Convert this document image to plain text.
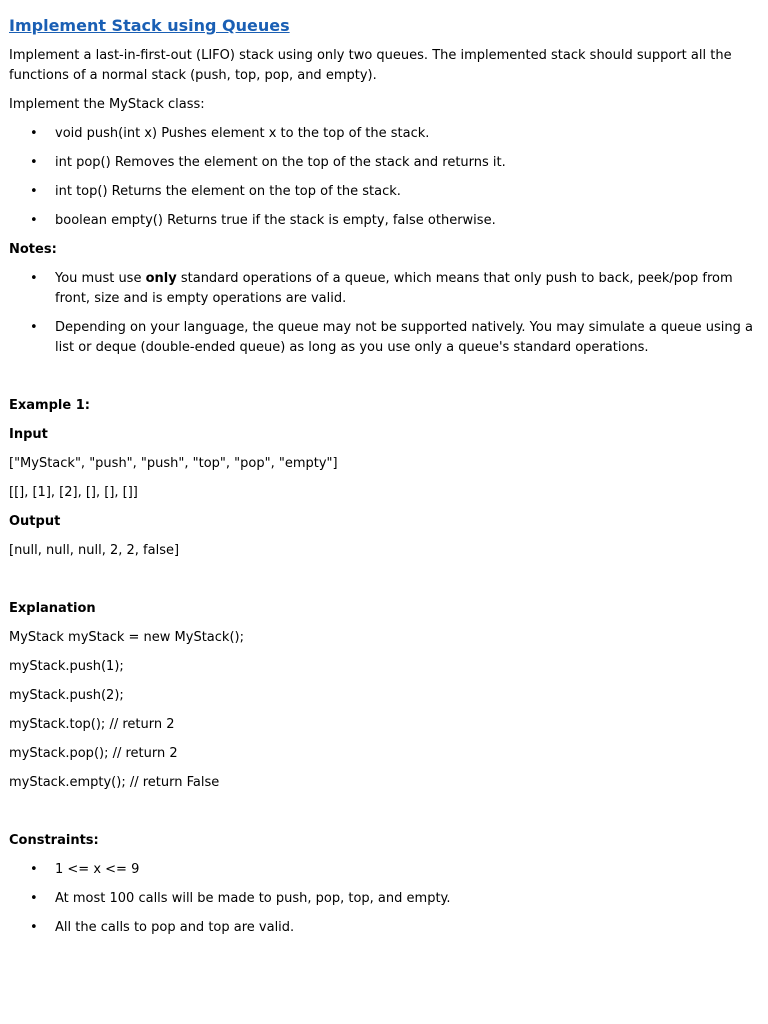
Implement Stack using Queues

Implement a last-in-first-out (LIFO) stack using only two queues. The implemented stack should support all the functions of a normal stack (push, top, pop, and empty).

Implement the MyStack class:

• void push(int x) Pushes element x to the top of the stack.
• int pop() Removes the element on the top of the stack and returns it.
• int top() Returns the element on the top of the stack.
• boolean empty() Returns true if the stack is empty, false otherwise.

Notes:

• You must use only standard operations of a queue, which means that only push to back, peek/pop from front, size and is empty operations are valid.
• Depending on your language, the queue may not be supported natively. You may simulate a queue using a list or deque (double-ended queue) as long as you use only a queue's standard operations.

Example 1:

Input

["MyStack", "push", "push", "top", "pop", "empty"]

[[], [1], [2], [], [], []]

Output

[null, null, null, 2, 2, false]

Explanation

MyStack myStack = new MyStack();

myStack.push(1);

myStack.push(2);

myStack.top(); // return 2

myStack.pop(); // return 2

myStack.empty(); // return False

Constraints:

• 1 <= x <= 9
• At most 100 calls will be made to push, pop, top, and empty.
• All the calls to pop and top are valid.
